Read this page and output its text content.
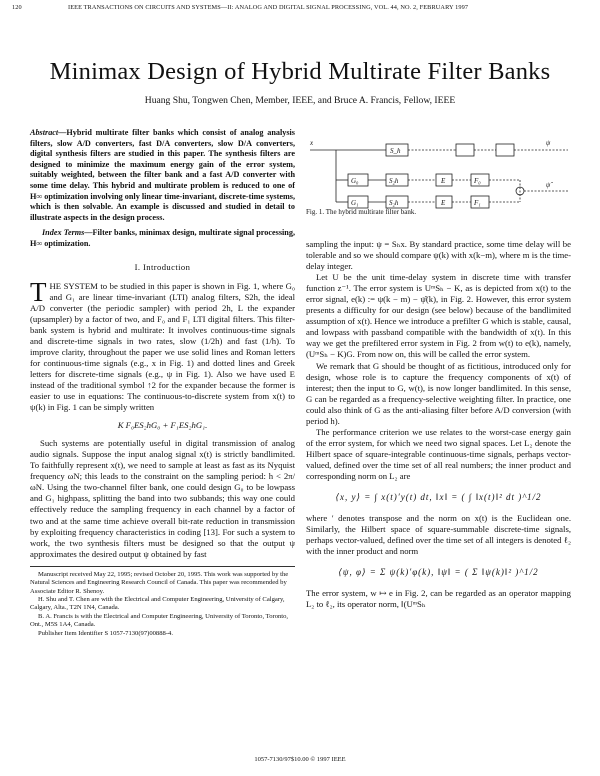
120	IEEE TRANSACTIONS ON CIRCUITS AND SYSTEMS—II: ANALOG AND DIGITAL SIGNAL PROCESSING, VOL. 44, NO. 2, FEBRUARY 1997
Minimax Design of Hybrid Multirate Filter Banks
Huang Shu, Tongwen Chen, Member, IEEE, and Bruce A. Francis, Fellow, IEEE
Abstract—Hybrid multirate filter banks which consist of analog analysis filters, slow A/D converters, fast D/A converters, slow D/A converters, digital synthesis filters are studied in this paper. The synthesis filters are designed to minimize the maximum energy gain of the error system, suitably weighted, between the filter bank and a fast A/D converter with some time delay. This hybrid and multirate problem is reduced to one of H∞ optimization involving only linear time-invariant, discrete-time systems, which is then solvable. An example is discussed and studied in detail to illustrate aspects in the design process.
Index Terms—Filter banks, minimax design, multirate signal processing, H∞ optimization.
I. Introduction

THE SYSTEM to be studied in this paper is shown in Fig. 1, where G₀ and G₁ are linear time-invariant (LTI) analog filters, S2h, the ideal A/D converter (the periodic sampler) with period 2h, L the expander (upsampler) by a factor of two, and F₀ and F₁ LTI digital filters. This filter-bank system is hybrid and multirate: It involves continuous-time signals and discrete-time signals in two rates, slow (1/2h) and fast (1/h). To improve clarity, throughout the paper we use solid lines and Roman letters for continuous-time signals (e.g., x in Fig. 1) and dotted lines and Greek letters for discrete-time signals (e.g., ψ in Fig. 1). Also we have used E instead of the traditional symbol ↑2 for the expander because the former is easier to use in equations: The continuous-to-discrete system from x(t) to ψ(k) in Fig. 1 can be simply written

K F₀ES₂hG₀ + F₁ES₂hG₁.

Such systems are potentially useful in digital transmission of analog audio signals. Suppose the input analog signal x(t) is strictly bandlimited. To faithfully represent x(t), we need to sample at least as fast as its Nyquist frequency ωN; this leads to the constraint on the sampling period: h < 2π/ωN. Using the two-channel filter bank, one could design G₀ to be lowpass and G₁ highpass, splitting the band into two subbands; this way one could effectively reduce the sampling frequency in each channel by a factor of two and at the same time achieve overall bit-rate reduction in transmission by exploiting frequency characteristics in coding [13]. For such a system to work, the two synthesis filters must be designed so that the output ψ approximates the desired output ψ obtained by fast

Manuscript received May 22, 1995; revised October 20, 1995. This work was supported by the Natural Sciences and Engineering Research Council of Canada. This paper was recommended by Associate Editor R. Shenoy.
H. Shu and T. Chen are with the Electrical and Computer Engineering, University of Calgary, Calgary, Alta., T2N 1N4, Canada.
B. A. Francis is with the Electrical and Computer Engineering, University of Toronto, Toronto, Ont., M5S 1A4, Canada.
Publisher Item Identifier S 1057-7130(97)00888-4.
x
S_h
ψ
G₀
G₁
S₂h
S₂h
E
E
F₀
F₁
ψ̂
Fig. 1. The hybrid multirate filter bank.

sampling the input: ψ = Sₕx. By standard practice, some time delay will be tolerable and so we should compare ψ(k) with x(k−m), where m is the time-delay integer.

Let U be the unit time-delay system in discrete time with transfer function z⁻¹. The error system is UᵐSₕ − K, as is depicted from x(t) to the error signal, e(k) := ψ(k − m) − ψ̂(k), in Fig. 2. However, this error system presents a difficulty for our design (see below) because of the bandlimited assumption of x(t). Hence we introduce a prefilter G which is stable, causal, and lowpass with passband compatible with the bandwidth of x(t). In this way we get the prefiltered error system in Fig. 2 from w(t) to e(k), namely, (UᵐSₕ − K)G. From now on, this will be called the error system.

We remark that G should be thought of as fictitious, introduced only for design, whose role is to capture the frequency components of x(t) of interest; then the input to G, w(t), is now longer bandlimited. In this sense, G can be regarded as a frequency-selective weighting filter. In practice, one could also think of G as the anti-aliasing filter before A/D conversion (with period h).

The performance criterion we use relates to the worst-case energy gain of the error system, for which we need two signal spaces. Let L₂ denote the Hilbert space of square-integrable continuous-time signals, perhaps vector-valued, defined over the time set of all real numbers; the inner product and corresponding norm on L₂ are

⟨x, y⟩ = ∫ x(t)′y(t) dt, ‖x‖ = ( ∫ ‖x(t)‖² dt )^1/2

where ′ denotes transpose and the norm on x(t) is the Euclidean one. Similarly, the Hilbert space of square-summable discrete-time signals, perhaps vector-valued, defined over the time set of all integers is denoted ℓ₂ with the inner product and norm

⟨ψ, φ⟩ = Σ ψ(k)′φ(k), ‖ψ‖ = ( Σ ‖ψ(k)‖² )^1/2

The error system, w ↦ e in Fig. 2, can be regarded as an operator mapping L₂ to ℓ₂, its operator norm, ‖(UᵐSₕ

1057-7130/97$10.00 © 1997 IEEE
